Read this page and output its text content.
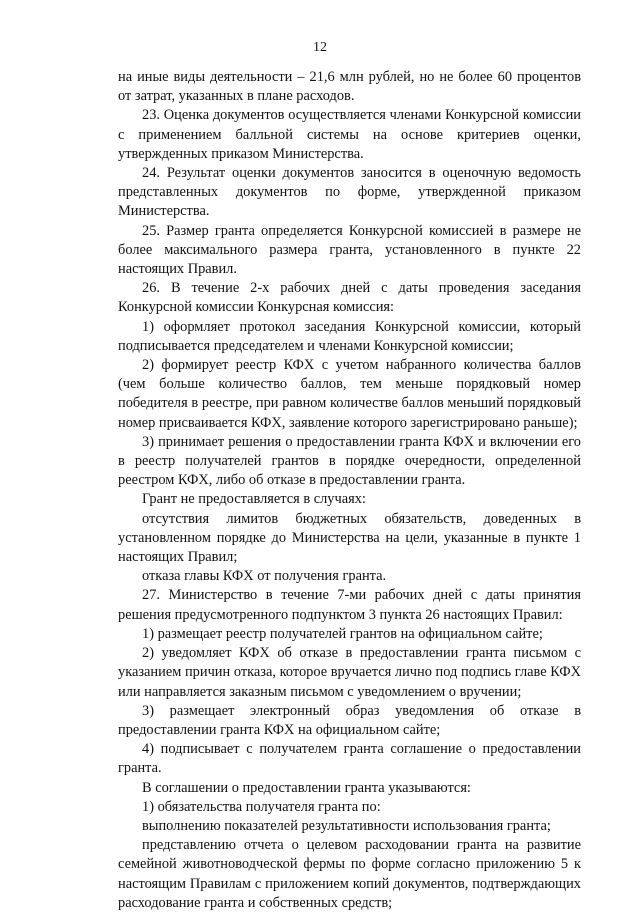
12

на иные виды деятельности – 21,6 млн рублей, но не более 60 процентов от затрат, указанных в плане расходов.

23. Оценка документов осуществляется членами Конкурсной комиссии с применением балльной системы на основе критериев оценки, утвержденных приказом Министерства.

24. Результат оценки документов заносится в оценочную ведомость представленных документов по форме, утвержденной приказом Министерства.

25. Размер гранта определяется Конкурсной комиссией в размере не более максимального размера гранта, установленного в пункте 22 настоящих Правил.

26. В течение 2-х рабочих дней с даты проведения заседания Конкурсной комиссии Конкурсная комиссия:

1) оформляет протокол заседания Конкурсной комиссии, который подписывается председателем и членами Конкурсной комиссии;

2) формирует реестр КФХ с учетом набранного количества баллов (чем больше количество баллов, тем меньше порядковый номер победителя в реестре, при равном количестве баллов меньший порядковый номер присваивается КФХ, заявление которого зарегистрировано раньше);

3) принимает решения о предоставлении гранта КФХ и включении его в реестр получателей грантов в порядке очередности, определенной реестром КФХ, либо об отказе в предоставлении гранта.

Грант не предоставляется в случаях:

отсутствия лимитов бюджетных обязательств, доведенных в установленном порядке до Министерства на цели, указанные в пункте 1 настоящих Правил;

отказа главы КФХ от получения гранта.

27. Министерство в течение 7-ми рабочих дней с даты принятия решения предусмотренного подпунктом 3 пункта 26 настоящих Правил:

1) размещает реестр получателей грантов на официальном сайте;

2) уведомляет КФХ об отказе в предоставлении гранта письмом с указанием причин отказа, которое вручается лично под подпись главе КФХ или направляется заказным письмом с уведомлением о вручении;

3) размещает электронный образ уведомления об отказе в предоставлении гранта КФХ на официальном сайте;

4) подписывает с получателем гранта соглашение о предоставлении гранта.

В соглашении о предоставлении гранта указываются:

1) обязательства получателя гранта по:

выполнению показателей результативности использования гранта;

представлению отчета о целевом расходовании гранта на развитие семейной животноводческой фермы по форме согласно приложению 5 к настоящим Правилам с приложением копий документов, подтверждающих расходование гранта и собственных средств;
